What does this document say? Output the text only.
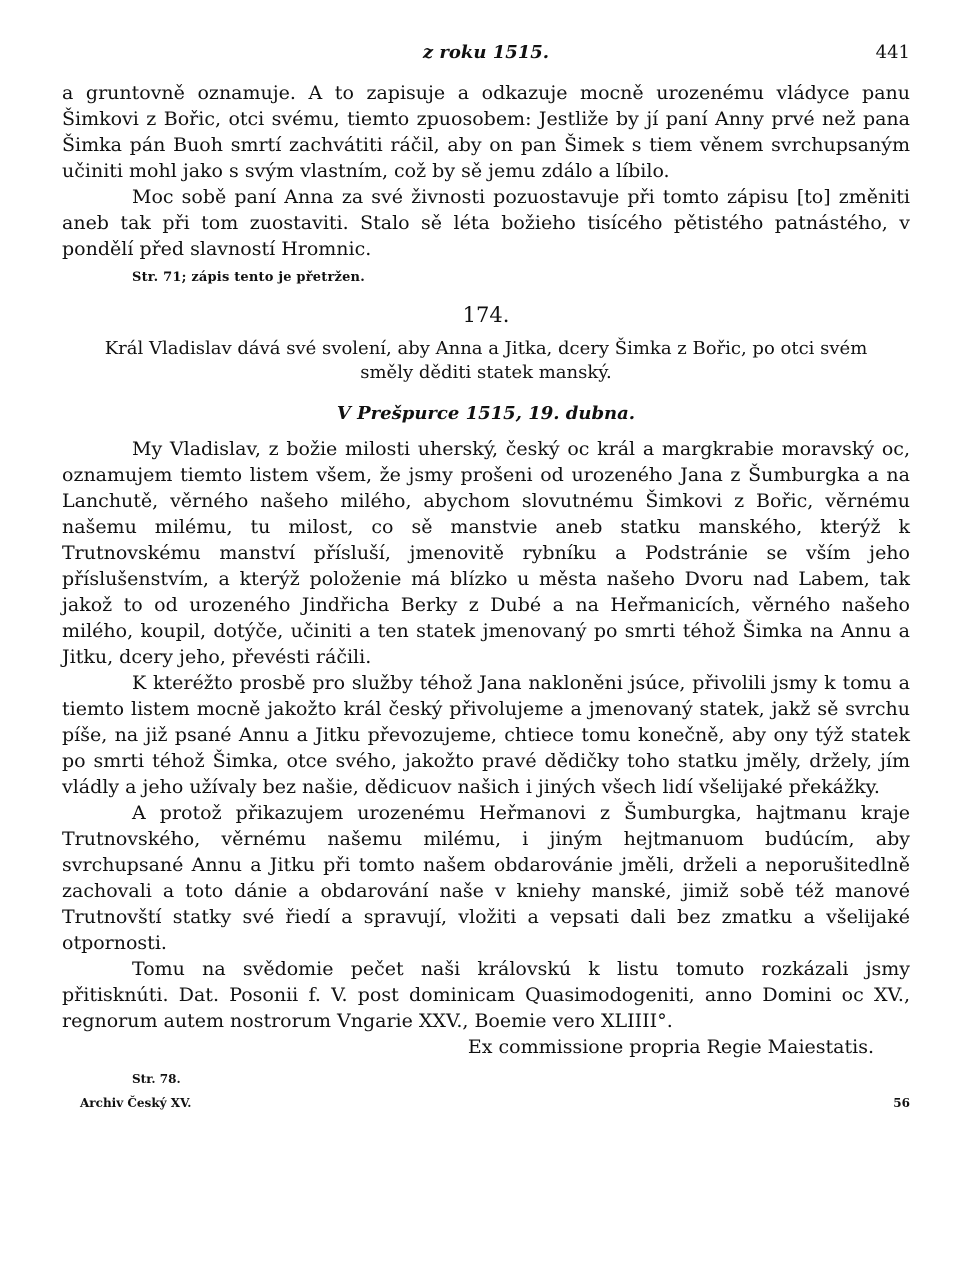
z roku 1515.	441

a gruntovně oznamuje. A to zapisuje a odkazuje mocně urozenému vládyce panu Šimkovi z Bořic, otci svému, tiemto zpuosobem: Jestliže by jí paní Anny prvé než pana Šimka pán Buoh smrtí zachvátiti ráčil, aby on pan Šimek s tiem věnem svrchupsaným učiniti mohl jako s svým vlastním, což by sě jemu zdálo a líbilo.

Moc sobě paní Anna za své živnosti pozuostavuje při tomto zápisu [to] změniti aneb tak při tom zuostaviti. Stalo sě léta božieho tisícého pětistého patnástého, v pondělí před slavností Hromnic.

Str. 71; zápis tento je přetržen.
174.
Král Vladislav dává své svolení, aby Anna a Jitka, dcery Šimka z Bořic, po otci svém směly děditi statek manský.
V Prešpurce 1515, 19. dubna.

My Vladislav, z božie milosti uherský, český oc král a margkrabie moravský oc, oznamujem tiemto listem všem, že jsmy prošeni od urozeného Jana z Šumburgka a na Lanchutě, věrného našeho milého, abychom slovutnému Šimkovi z Bořic, věrnému našemu milému, tu milost, co sě manstvie aneb statku manského, kterýž k Trutnovskému manství přísluší, jmenovitě rybníku a Podstránie se vším jeho příslušenstvím, a kterýž položenie má blízko u města našeho Dvoru nad Labem, tak jakož to od urozeného Jindřicha Berky z Dubé a na Heřmanicích, věrného našeho milého, koupil, dotýče, učiniti a ten statek jmenovaný po smrti téhož Šimka na Annu a Jitku, dcery jeho, převésti ráčili.

K kteréžto prosbě pro služby téhož Jana nakloněni jsúce, přivolili jsmy k tomu a tiemto listem mocně jakožto král český přivolujeme a jmenovaný statek, jakž sě svrchu píše, na již psané Annu a Jitku převozujeme, chtiece tomu konečně, aby ony týž statek po smrti téhož Šimka, otce svého, jakožto pravé dědičky toho statku jměly, držely, jím vládly a jeho užívaly bez našie, dědicuov našich i jiných všech lidí všelijaké překážky.

A protož přikazujem urozenému Heřmanovi z Šumburgka, hajtmanu kraje Trutnovského, věrnému našemu milému, i jiným hejtmanuom budúcím, aby svrchupsané Annu a Jitku při tomto našem obdarovánie jměli, drželi a neporušitedlně zachovali a toto dánie a obdarování naše v kniehy manské, jimiž sobě též manové Trutnovští statky své řiedí a spravují, vložiti a vepsati dali bez zmatku a všelijaké otpornosti.

Tomu na svědomie pečet naši královskú k listu tomuto rozkázali jsmy přitisknúti. Dat. Posonii f. V. post dominicam Quasimodogeniti, anno Domini oc XV., regnorum autem nostrorum Vngarie XXV., Boemie vero XLIIII°.

Ex commissione propria Regie Maiestatis.
Str. 78.
Archiv Český XV.	56
